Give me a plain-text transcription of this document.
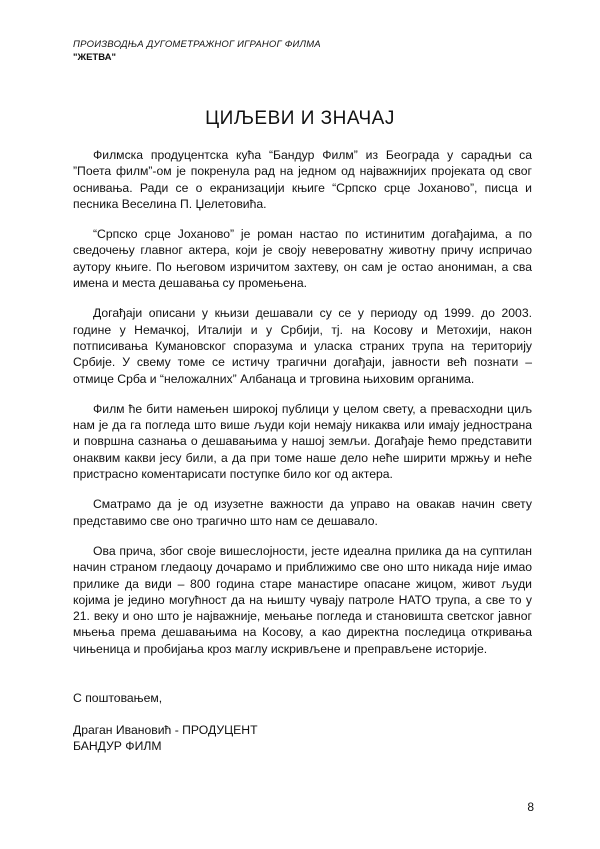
ПРОИЗВОДЊА ДУГОМЕТРАЖНОГ ИГРАНОГ ФИЛМА
"ЖЕТВА"
ЦИЉЕВИ И ЗНАЧАЈ

Филмска продуцентска кућа “Бандур Филм” из Београда у сарадњи са ”Поета филм”-ом је покренула рад на једном од најважнијих пројеката од свог оснивања. Ради се о екранизацији књиге “Српско срце Јохaново”, писца и песника Веселина П. Џелетовића.

“Српско срце Јохaново” је роман настао по истинитим догађајима, а по сведочењу главног актера, који је своју невероватну животну причу испричао аутору књиге. По његовом изричитом захтеву, он сам је остао анониман, а сва имена и места дешавања су промењена.

Догађаји описани у књизи дешавали су се у периоду од 1999. до 2003. године у Немачкој, Италији и у Србији, тј. на Косову и Метохији, након потписивања Кумановског споразума и уласка страних трупа на територију Србије. У свему томе се истичу трагични догађаји, јавности већ познати – отмице Срба и “неложалних” Албанаца и трговина њиховим органима.

Филм ће бити намењен широкој публици у целом свету, а превасходни циљ нам је да га погледа што више људи који немају никаква или имају једнострана и површна сазнања о дешавањима у нашој земљи. Догађаје ћемо представити онаквим какви јесу били, а да при томе наше дело неће ширити мржњу и неће пристрасно коментарисати поступке било ког од актера.

Сматрамо да је од изузетне важности да управо на овакав начин свету представимо све оно трагично што нам се дешавало.

Ова прича, због своје вишеслојности, јесте идеална прилика да на суптилан начин страном гледаоцу дочарамо и приближимо све оно што никада није имао прилике да види – 800 година старе манастире опасане жицом, живот људи којима је једино могућност да на њишту чувају патроле НАТО трупа, а све то у 21. веку и оно што је најважније, мењање погледа и становишта светског јавног мњења према дешавањима на Косову, а као директна последица откривања чињеница и пробијања кроз маглу искривљене и преправљене историје.

С поштовањем,
Драган Ивановић - ПРОДУЦЕНТ
БАНДУР ФИЛМ
8
